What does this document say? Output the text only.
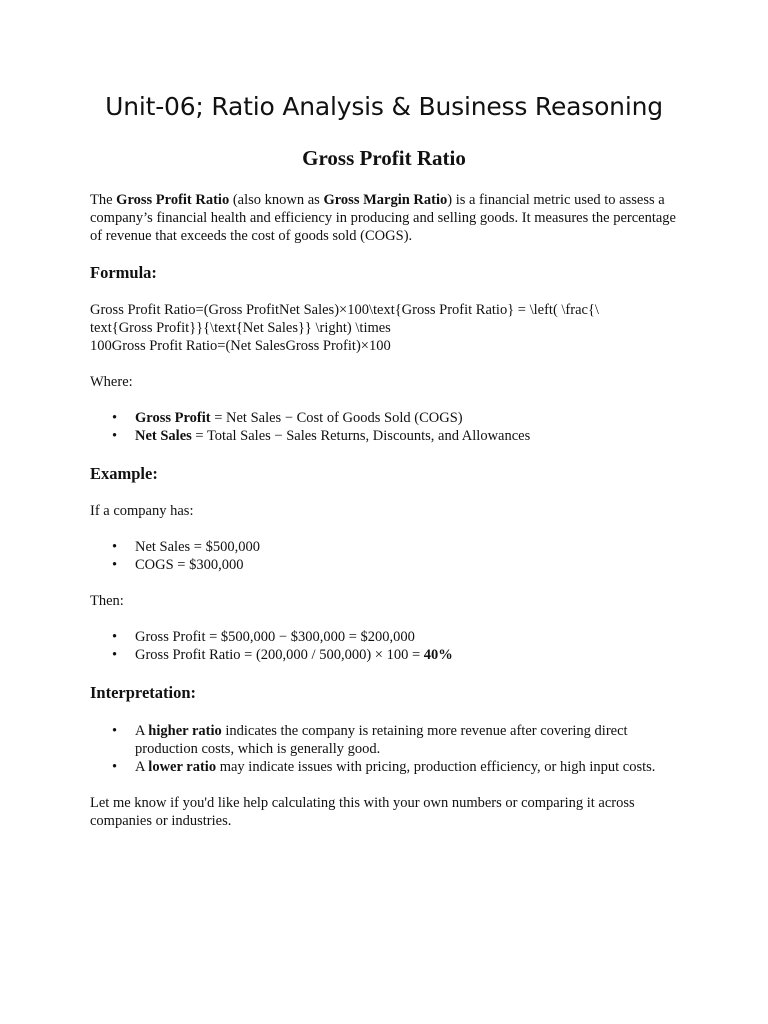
Unit-06; Ratio Analysis & Business Reasoning
Gross Profit Ratio

The Gross Profit Ratio (also known as Gross Margin Ratio) is a financial metric used to assess a company’s financial health and efficiency in producing and selling goods. It measures the percentage of revenue that exceeds the cost of goods sold (COGS).

Formula:

Gross Profit Ratio=(Gross ProfitNet Sales)×100\text{Gross Profit Ratio} = \left( \frac{\

text{Gross Profit}}{\text{Net Sales}} \right) \times

100Gross Profit Ratio=(Net SalesGross Profit)×100

Where:

• Gross Profit = Net Sales − Cost of Goods Sold (COGS)
• Net Sales = Total Sales − Sales Returns, Discounts, and Allowances
Example:

If a company has:

• Net Sales = $500,000
• COGS = $300,000

Then:

• Gross Profit = $500,000 − $300,000 = $200,000
• Gross Profit Ratio = (200,000 / 500,000) × 100 = 40%
Interpretation:
• A higher ratio indicates the company is retaining more revenue after covering direct production costs, which is generally good.
• A lower ratio may indicate issues with pricing, production efficiency, or high input costs.

Let me know if you'd like help calculating this with your own numbers or comparing it across companies or industries.
